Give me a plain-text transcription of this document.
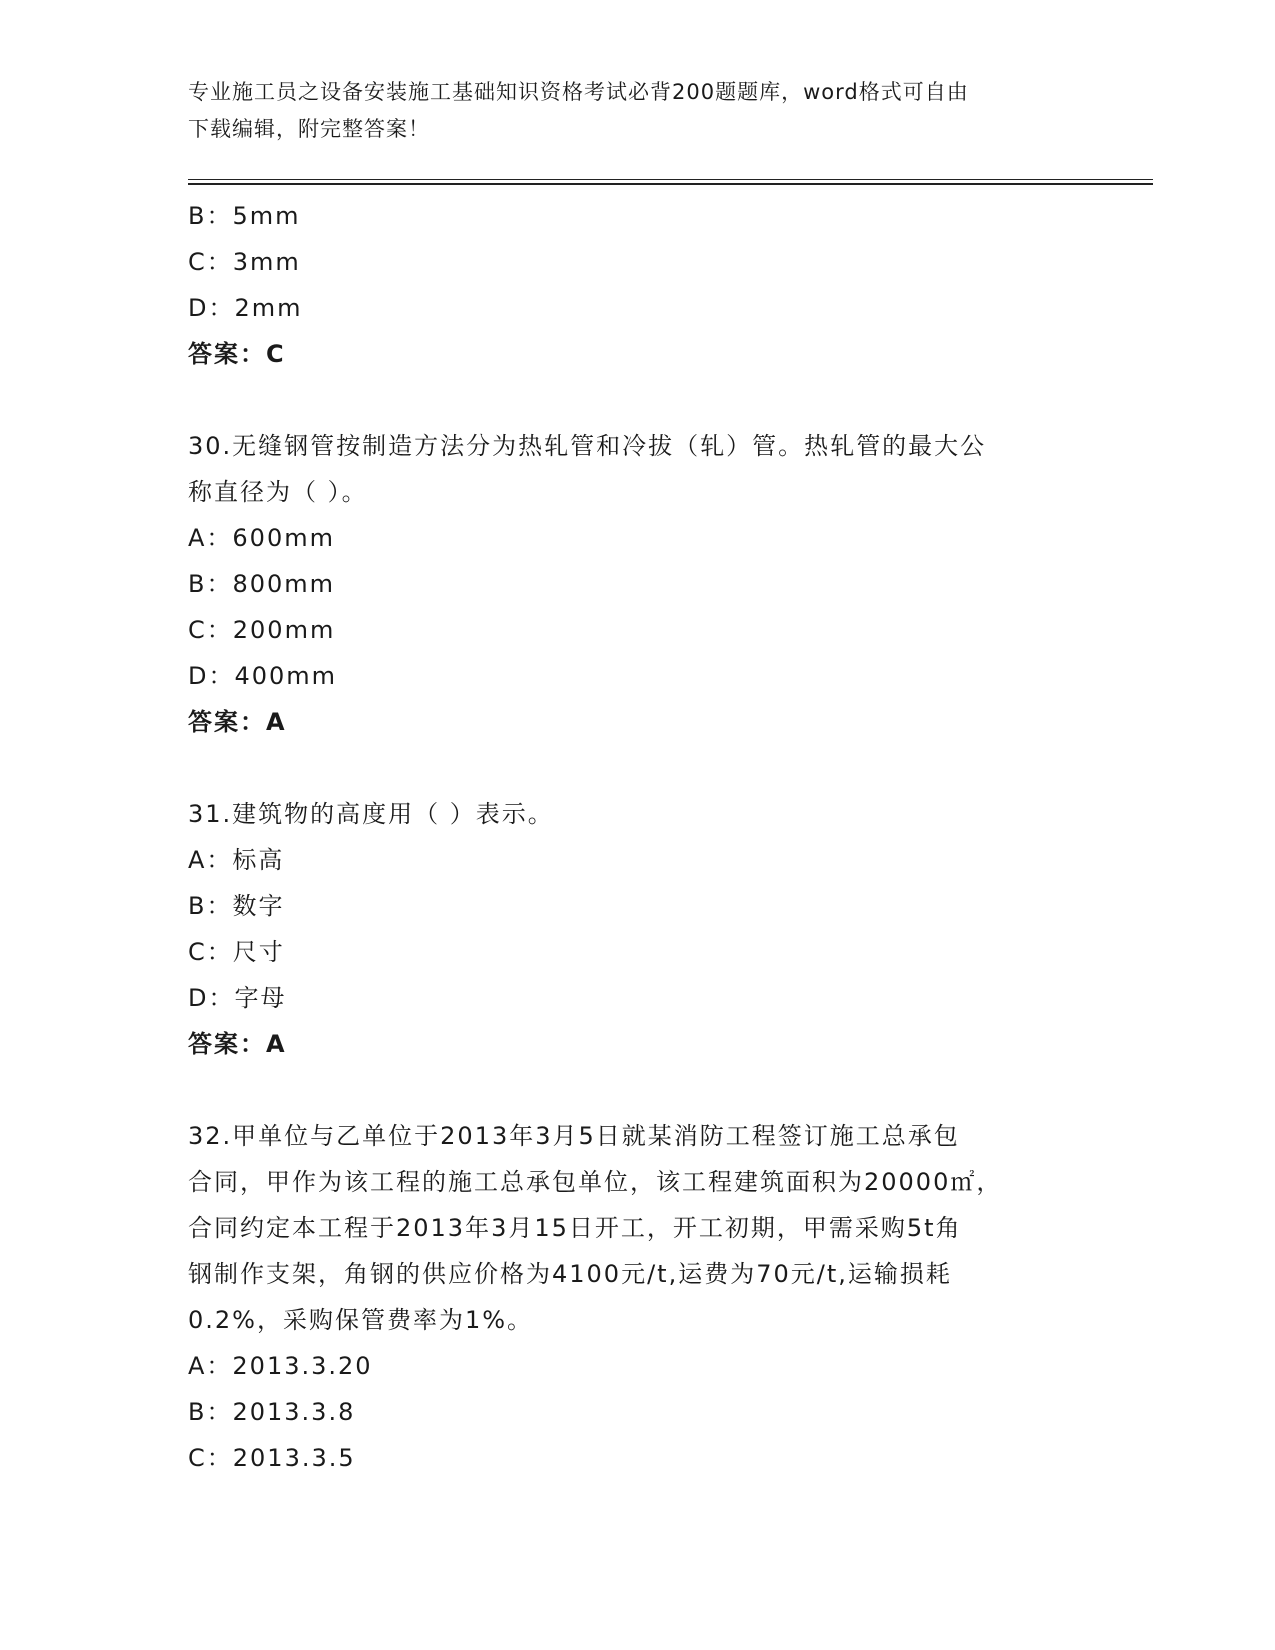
专业施工员之设备安装施工基础知识资格考试必背200题题库，word格式可自由
下载编辑，附完整答案！
B：5mm
C：3mm
D：2mm
答案：C
30.无缝钢管按制造方法分为热轧管和冷拔（轧）管。热轧管的最大公
称直径为（ ）。
A：600mm
B：800mm
C：200mm
D：400mm
答案：A
31.建筑物的高度用（ ）表示。
A：标高
B：数字
C：尺寸
D：字母
答案：A
32.甲单位与乙单位于2013年3月5日就某消防工程签订施工总承包
合同，甲作为该工程的施工总承包单位，该工程建筑面积为20000㎡，
合同约定本工程于2013年3月15日开工，开工初期，甲需采购5t角
钢制作支架，角钢的供应价格为4100元/t,运费为70元/t,运输损耗
0.2%，采购保管费率为1%。
A：2013.3.20
B：2013.3.8
C：2013.3.5
